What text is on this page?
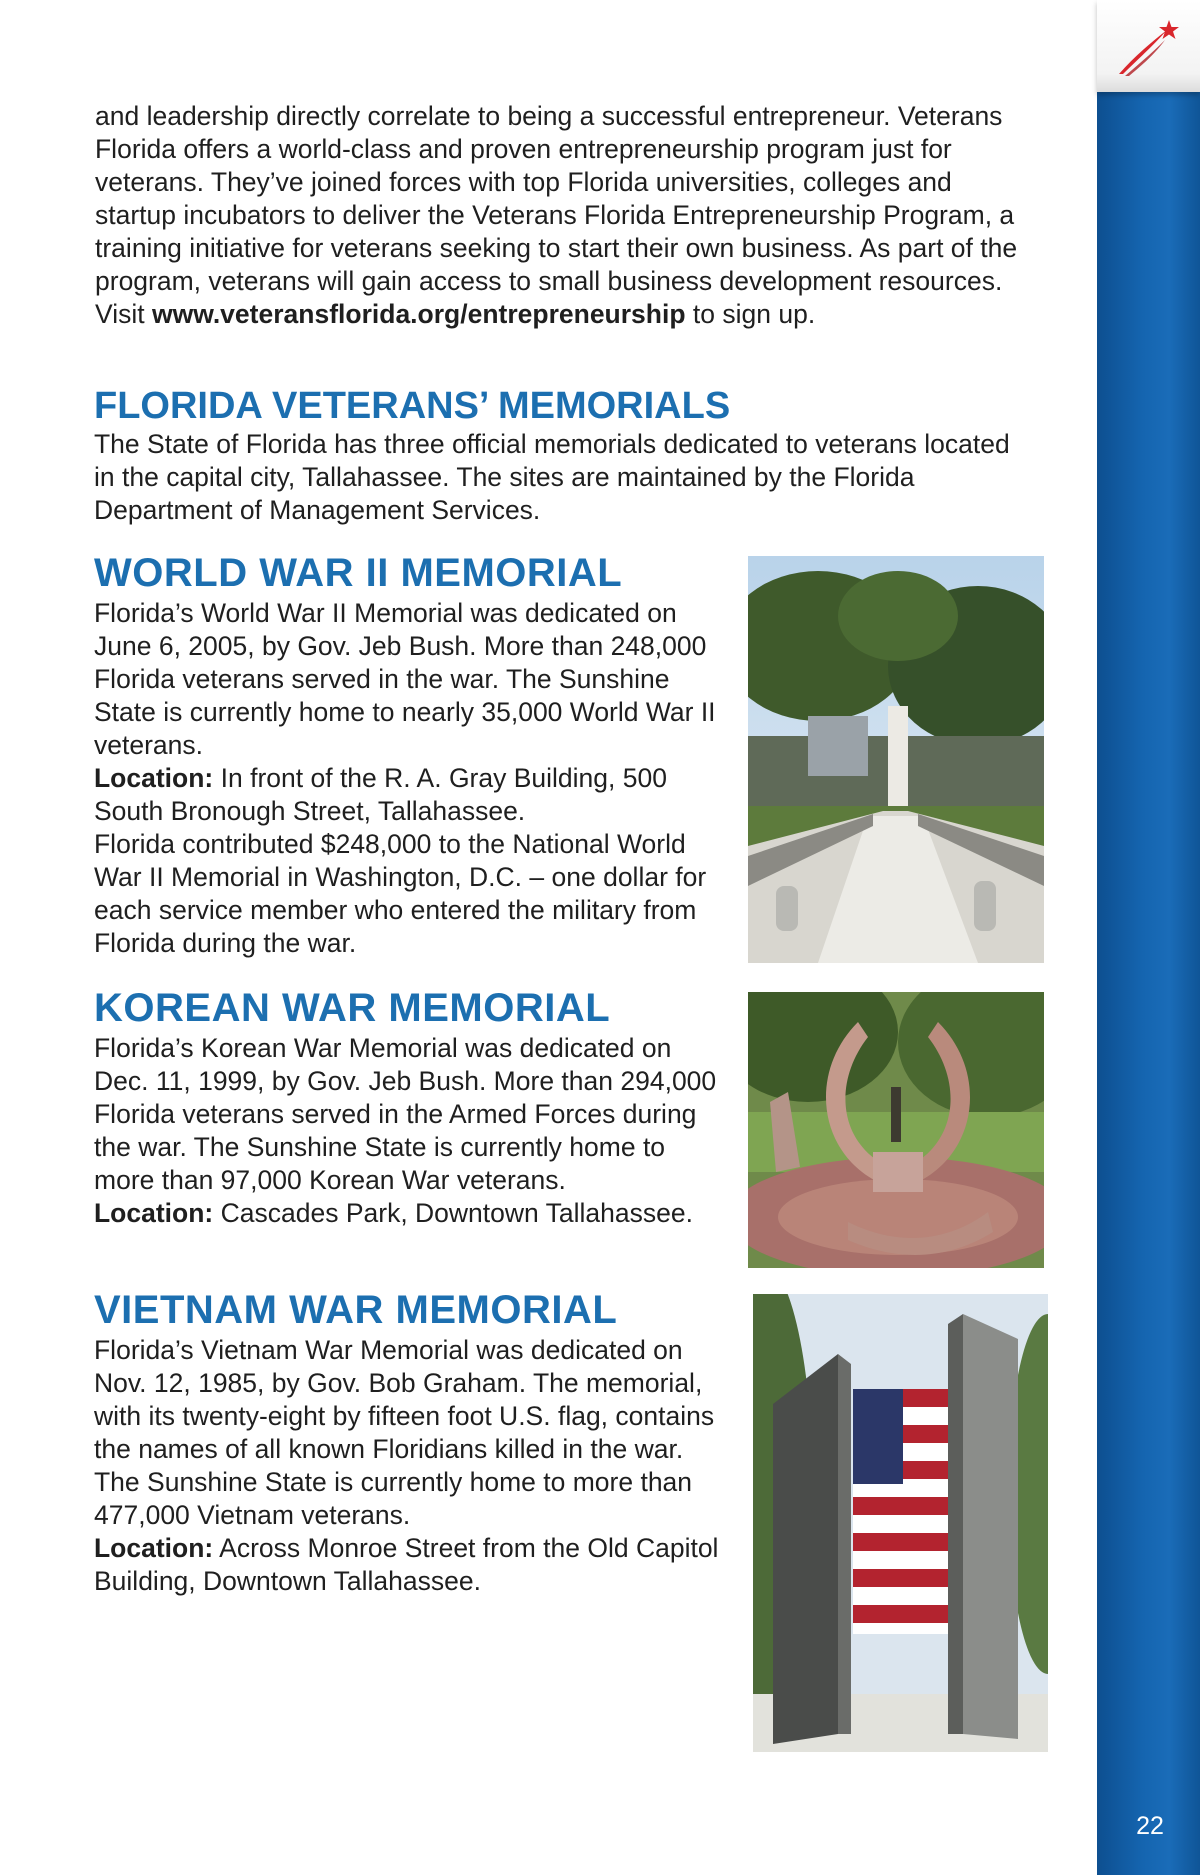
22

and leadership directly correlate to being a successful entrepreneur. Veterans Florida offers a world-class and proven entrepreneurship program just for veterans. They’ve joined forces with top Florida universities, colleges and startup incubators to deliver the Veterans Florida Entrepreneurship Program, a training initiative for veterans seeking to start their own business. As part of the program, veterans will gain access to small business development resources. Visit www.veteransflorida.org/entrepreneurship to sign up.

FLORIDA VETERANS’ MEMORIALS

The State of Florida has three official memorials dedicated to veterans located in the capital city, Tallahassee. The sites are maintained by the Florida Department of Management Services.

WORLD WAR II MEMORIAL

Florida’s World War II Memorial was dedicated on June 6, 2005, by Gov. Jeb Bush. More than 248,000 Florida veterans served in the war. The Sunshine State is currently home to nearly 35,000 World War II veterans.
Location: In front of the R. A. Gray Building, 500 South Bronough Street, Tallahassee.
Florida contributed $248,000 to the National World War II Memorial in Washington, D.C. – one dollar for each service member who entered the military from Florida during the war.

KOREAN WAR MEMORIAL

Florida’s Korean War Memorial was dedicated on Dec. 11, 1999, by Gov. Jeb Bush. More than 294,000 Florida veterans served in the Armed Forces during the war. The Sunshine State is currently home to more than 97,000 Korean War veterans.
Location: Cascades Park, Downtown Tallahassee.

VIETNAM WAR MEMORIAL

Florida’s Vietnam War Memorial was dedicated on Nov. 12, 1985, by Gov. Bob Graham. The memorial, with its twenty-eight by fifteen foot U.S. flag, contains the names of all known Floridians killed in the war. The Sunshine State is currently home to more than 477,000 Vietnam veterans.
Location: Across Monroe Street from the Old Capitol Building, Downtown Tallahassee.
